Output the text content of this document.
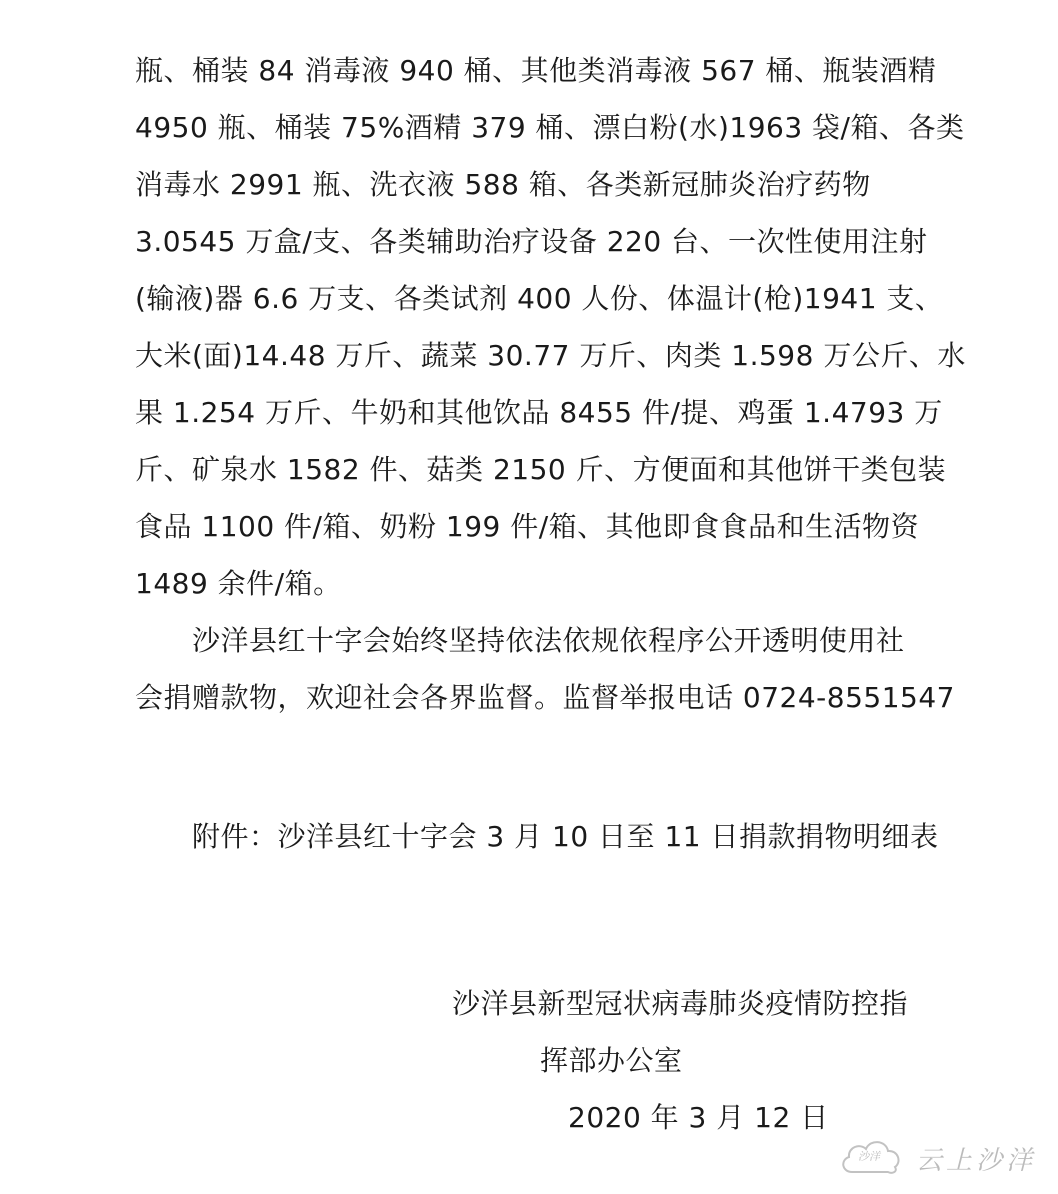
瓶、桶装 84 消毒液 940 桶、其他类消毒液 567 桶、瓶装酒精
4950 瓶、桶装 75%酒精 379 桶、漂白粉(水)1963 袋/箱、各类
消毒水 2991 瓶、洗衣液 588 箱、各类新冠肺炎治疗药物
3.0545 万盒/支、各类辅助治疗设备 220 台、一次性使用注射
(输液)器 6.6 万支、各类试剂 400 人份、体温计(枪)1941 支、
大米(面)14.48 万斤、蔬菜 30.77 万斤、肉类 1.598 万公斤、水
果 1.254 万斤、牛奶和其他饮品 8455 件/提、鸡蛋 1.4793 万
斤、矿泉水 1582 件、菇类 2150 斤、方便面和其他饼干类包装
食品 1100 件/箱、奶粉 199 件/箱、其他即食食品和生活物资
1489 余件/箱。
沙洋县红十字会始终坚持依法依规依程序公开透明使用社
会捐赠款物，欢迎社会各界监督。监督举报电话 0724-8551547
附件：沙洋县红十字会 3 月 10 日至 11 日捐款捐物明细表
沙洋县新型冠状病毒肺炎疫情防控指
挥部办公室
2020 年 3 月 12 日
沙洋 云上沙洋
